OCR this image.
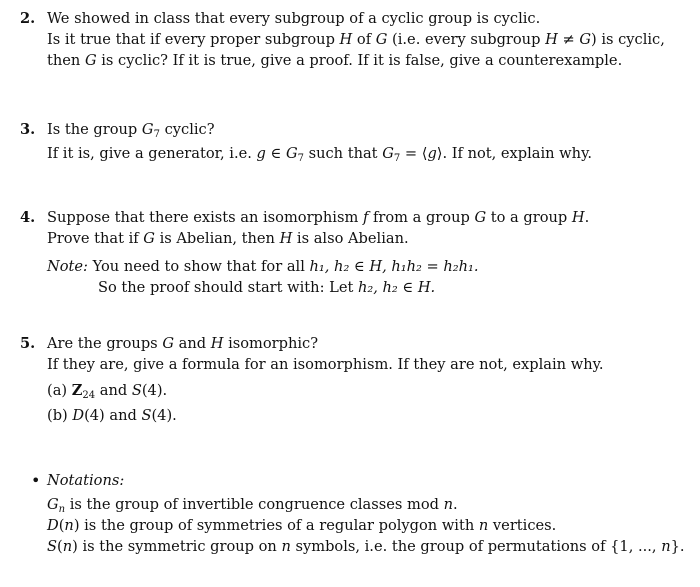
2. We showed in class that every subgroup of a cyclic group is cyclic.
Is it true that if every proper subgroup H of G (i.e. every subgroup H ≠ G) is cyclic,
then G is cyclic? If it is true, give a proof. If it is false, give a counterexample.
3. Is the group $G_7$ cyclic?
If it is, give a generator, i.e. g ∈ $G_7$ such that $G_7$ = ⟨g⟩. If not, explain why.
4. Suppose that there exists an isomorphism f from a group G to a group H.
Prove that if G is Abelian, then H is also Abelian.
Note: You need to show that for all h₁, h₂ ∈ H, h₁h₂ = h₂h₁.
So the proof should start with: Let h₂, h₂ ∈ H.
5. Are the groups G and H isomorphic?
If they are, give a formula for an isomorphism. If they are not, explain why.
(a) $Z_{24}$ and S(4).
(b) D(4) and S(4).
• Notations:
$G_n$ is the group of invertible congruence classes mod n.
D(n) is the group of symmetries of a regular polygon with n vertices.
S(n) is the symmetric group on n symbols, i.e. the group of permutations of {1, ..., n}.
